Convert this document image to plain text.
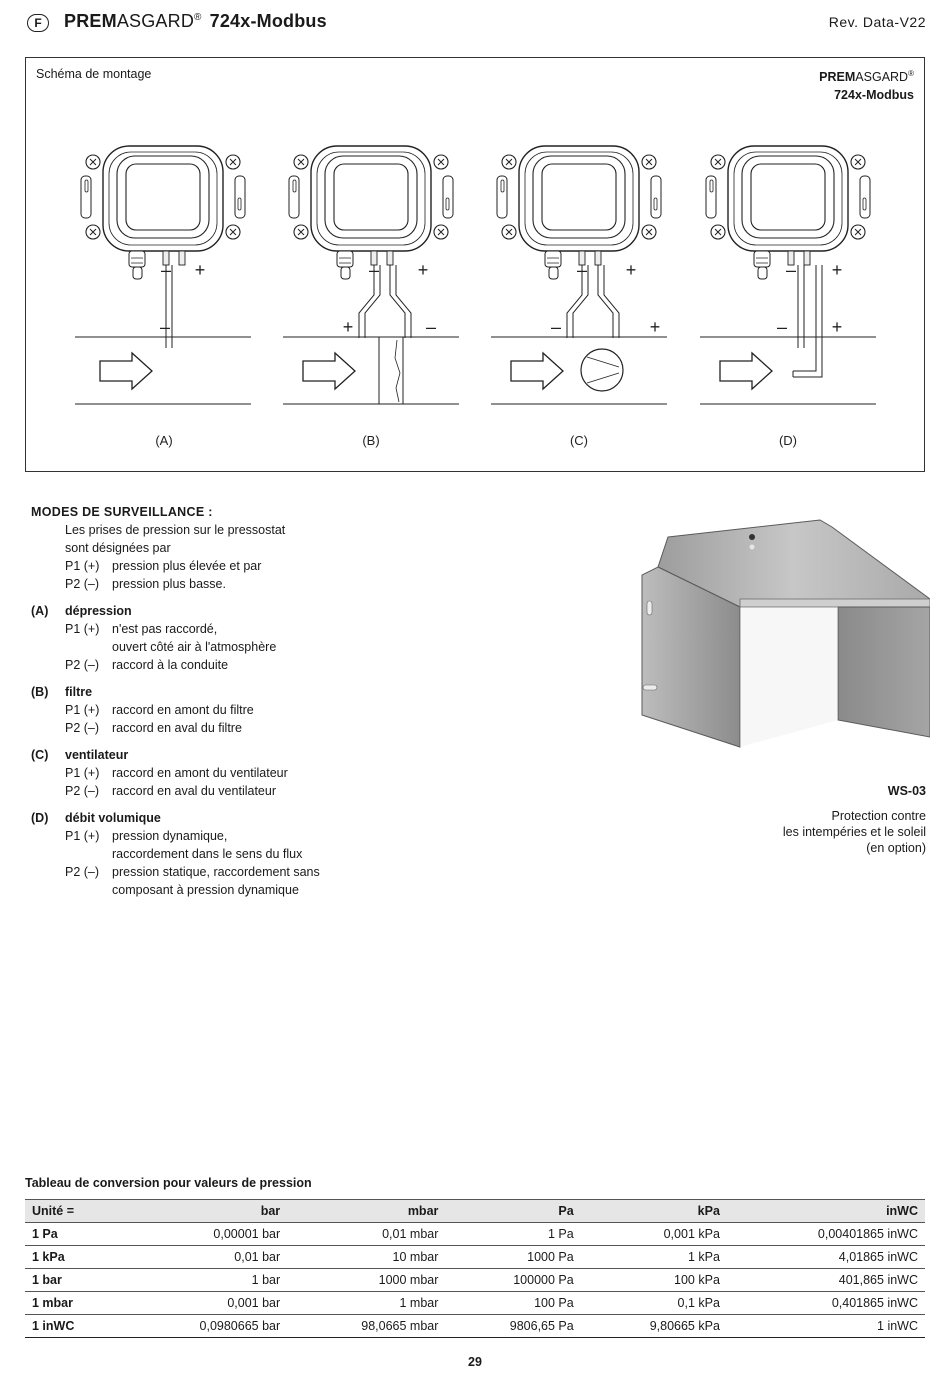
F	PREMASGARD® 724x-Modbus	Rev. Data-V22
Schéma de montage	PREMASGARD®
724x-Modbus
– +
–
(A)
– +
+	–
(B)
– +
–	+
(C)
– +
– +
(D)
MODES DE SURVEILLANCE :
Les prises de pression sur le pressostat
sont désignées par
P1 (+) pression plus élevée et par
P2 (–) pression plus basse.
(A) dépression
P1 (+) n'est pas raccordé,
ouvert côté air à l'atmosphère
P2 (–) raccord à la conduite
(B) filtre
P1 (+) raccord en amont du filtre
P2 (–) raccord en aval du filtre
(C) ventilateur
P1 (+) raccord en amont du ventilateur
P2 (–) raccord en aval du ventilateur
(D) débit volumique
P1 (+) pression dynamique,
raccordement dans le sens du flux
P2 (–) pression statique, raccordement sans
composant à pression dynamique
WS-03
Protection contre
les intempéries et le soleil
(en option)
Tableau de conversion pour valeurs de pression
Unité =	bar	mbar	Pa	kPa	inWC
1 Pa	0,00001 bar	0,01 mbar	1 Pa	0,001 kPa	0,00401865 inWC
1 kPa	0,01 bar	10 mbar	1000 Pa	1 kPa	4,01865 inWC
1 bar	1 bar	1000 mbar	100000 Pa	100 kPa	401,865 inWC
1 mbar	0,001 bar	1 mbar	100 Pa	0,1 kPa	0,401865 inWC
1 inWC	0,0980665 bar	98,0665 mbar	9806,65 Pa	9,80665 kPa	1 inWC
29
